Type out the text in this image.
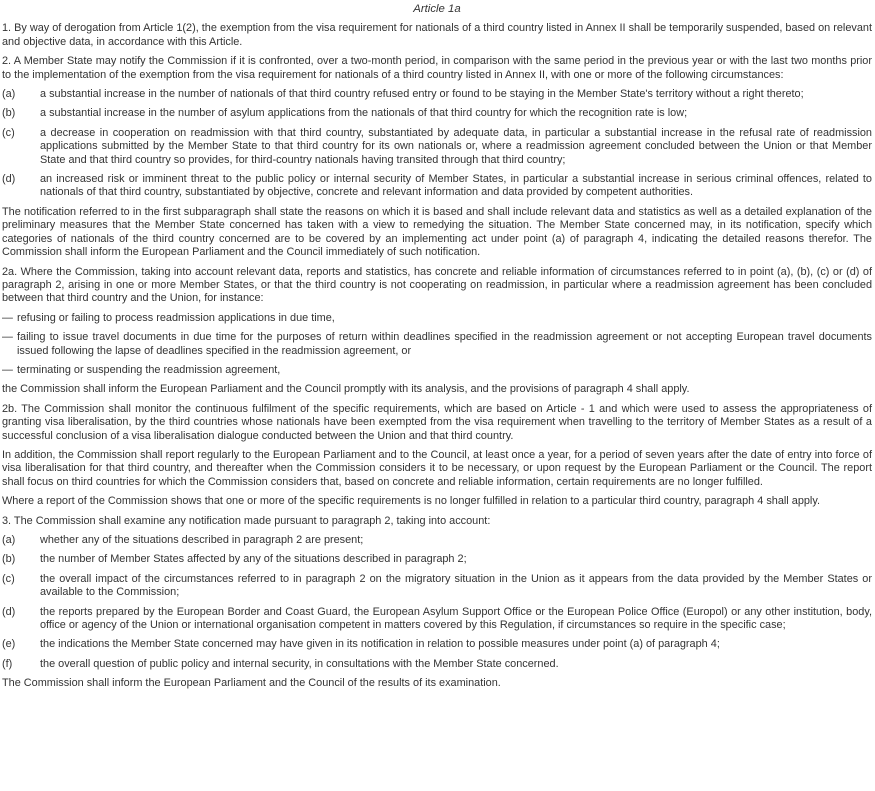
Article 1a
1. By way of derogation from Article 1(2), the exemption from the visa requirement for nationals of a third country listed in Annex II shall be temporarily suspended, based on relevant and objective data, in accordance with this Article.
2. A Member State may notify the Commission if it is confronted, over a two-month period, in comparison with the same period in the previous year or with the last two months prior to the implementation of the exemption from the visa requirement for nationals of a third country listed in Annex II, with one or more of the following circumstances:
(a)	a substantial increase in the number of nationals of that third country refused entry or found to be staying in the Member State's territory without a right thereto;
(b)	a substantial increase in the number of asylum applications from the nationals of that third country for which the recognition rate is low;
(c)	a decrease in cooperation on readmission with that third country, substantiated by adequate data, in particular a substantial increase in the refusal rate of readmission applications submitted by the Member State to that third country for its own nationals or, where a readmission agreement concluded between the Union or that Member State and that third country so provides, for third-country nationals having transited through that third country;
(d)	an increased risk or imminent threat to the public policy or internal security of Member States, in particular a substantial increase in serious criminal offences, related to nationals of that third country, substantiated by objective, concrete and relevant information and data provided by competent authorities.
The notification referred to in the first subparagraph shall state the reasons on which it is based and shall include relevant data and statistics as well as a detailed explanation of the preliminary measures that the Member State concerned has taken with a view to remedying the situation. The Member State concerned may, in its notification, specify which categories of nationals of the third country concerned are to be covered by an implementing act under point (a) of paragraph 4, indicating the detailed reasons therefor. The Commission shall inform the European Parliament and the Council immediately of such notification.
2a. Where the Commission, taking into account relevant data, reports and statistics, has concrete and reliable information of circumstances referred to in point (a), (b), (c) or (d) of paragraph 2, arising in one or more Member States, or that the third country is not cooperating on readmission, in particular where a readmission agreement has been concluded between that third country and the Union, for instance:
— refusing or failing to process readmission applications in due time,
— failing to issue travel documents in due time for the purposes of return within deadlines specified in the readmission agreement or not accepting European travel documents issued following the lapse of deadlines specified in the readmission agreement, or
— terminating or suspending the readmission agreement,
the Commission shall inform the European Parliament and the Council promptly with its analysis, and the provisions of paragraph 4 shall apply.
2b. The Commission shall monitor the continuous fulfilment of the specific requirements, which are based on Article - 1 and which were used to assess the appropriateness of granting visa liberalisation, by the third countries whose nationals have been exempted from the visa requirement when travelling to the territory of Member States as a result of a successful conclusion of a visa liberalisation dialogue conducted between the Union and that third country.
In addition, the Commission shall report regularly to the European Parliament and to the Council, at least once a year, for a period of seven years after the date of entry into force of visa liberalisation for that third country, and thereafter when the Commission considers it to be necessary, or upon request by the European Parliament or the Council. The report shall focus on third countries for which the Commission considers that, based on concrete and reliable information, certain requirements are no longer fulfilled.
Where a report of the Commission shows that one or more of the specific requirements is no longer fulfilled in relation to a particular third country, paragraph 4 shall apply.
3. The Commission shall examine any notification made pursuant to paragraph 2, taking into account:
(a)	whether any of the situations described in paragraph 2 are present;
(b)	the number of Member States affected by any of the situations described in paragraph 2;
(c)	the overall impact of the circumstances referred to in paragraph 2 on the migratory situation in the Union as it appears from the data provided by the Member States or available to the Commission;
(d)	the reports prepared by the European Border and Coast Guard, the European Asylum Support Office or the European Police Office (Europol) or any other institution, body, office or agency of the Union or international organisation competent in matters covered by this Regulation, if circumstances so require in the specific case;
(e)	the indications the Member State concerned may have given in its notification in relation to possible measures under point (a) of paragraph 4;
(f)	the overall question of public policy and internal security, in consultations with the Member State concerned.
The Commission shall inform the European Parliament and the Council of the results of its examination.
